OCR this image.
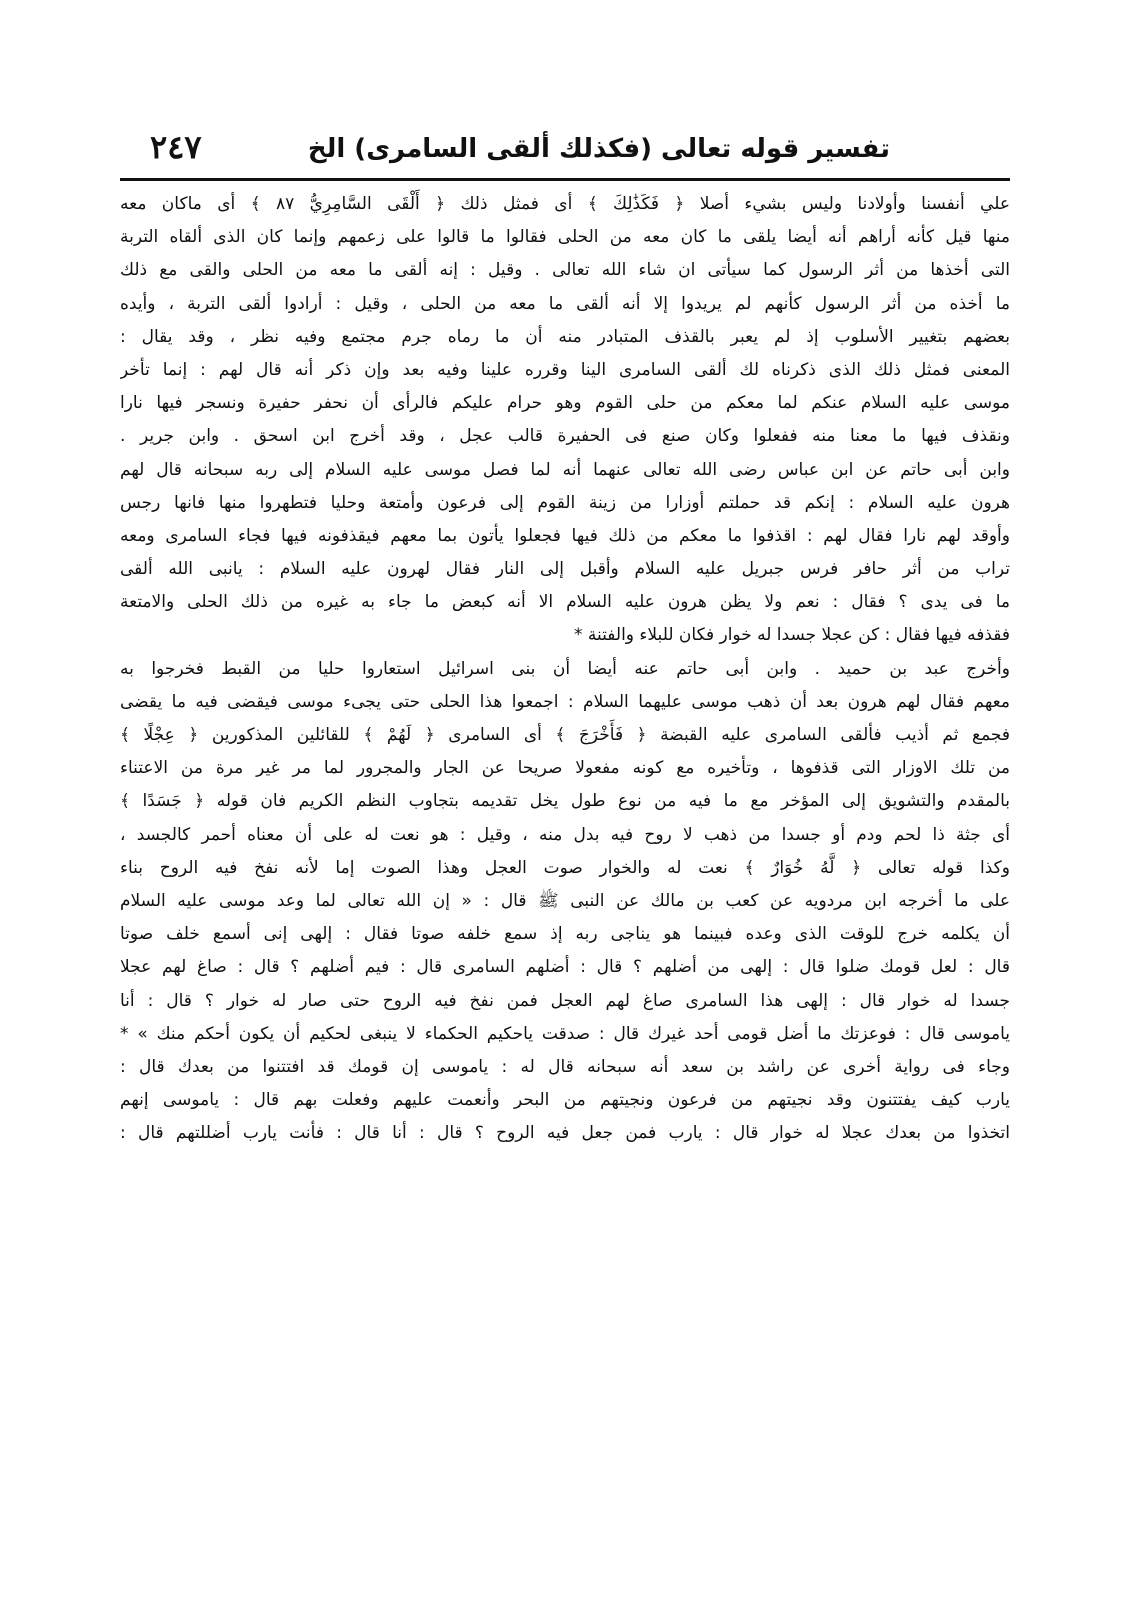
تفسير قوله تعالى (فكذلك ألقى السامرى) الخ
٢٤٧
علي أنفسنا وأولادنا وليس بشيء أصلا ﴿ فَكَذَٰلِكَ ﴾ أى فمثل ذلك ﴿ أَلْقَى السَّامِرِيُّ ٨٧ ﴾ أى ماكان معه
منها قيل كأنه أراهم أنه أيضا يلقى ما كان معه من الحلى فقالوا ما قالوا على زعمهم وإنما كان الذى ألقاه التربة
التى أخذها من أثر الرسول كما سيأتى ان شاء الله تعالى . وقيل : إنه ألقى ما معه من الحلى والقى مع ذلك
ما أخذه من أثر الرسول كأنهم لم يريدوا إلا أنه ألقى ما معه من الحلى ، وقيل : أرادوا ألقى التربة ، وأيده
بعضهم بتغيير الأسلوب إذ لم يعبر بالقذف المتبادر منه أن ما رماه جرم مجتمع وفيه نظر ، وقد يقال :
المعنى فمثل ذلك الذى ذكرناه لك ألقى السامرى الينا وقرره علينا وفيه بعد وإن ذكر أنه قال لهم : إنما تأخر
موسى عليه السلام عنكم لما معكم من حلى القوم وهو حرام عليكم فالرأى أن نحفر حفيرة ونسجر فيها نارا
ونقذف فيها ما معنا منه ففعلوا وكان صنع فى الحفيرة قالب عجل ، وقد أخرج ابن اسحق . وابن جرير .
وابن أبى حاتم عن ابن عباس رضى الله تعالى عنهما أنه لما فصل موسى عليه السلام إلى ربه سبحانه قال لهم
هرون عليه السلام : إنكم قد حملتم أوزارا من زينة القوم إلى فرعون وأمتعة وحليا فتطهروا منها فانها رجس
وأوقد لهم نارا فقال لهم : اقذفوا ما معكم من ذلك فيها فجعلوا يأتون بما معهم فيقذفونه فيها فجاء السامرى ومعه
تراب من أثر حافر فرس جبريل عليه السلام وأقبل إلى النار فقال لهرون عليه السلام : يانبى الله ألقى
ما فى يدى ؟ فقال : نعم ولا يظن هرون عليه السلام الا أنه كبعض ما جاء به غيره من ذلك الحلى والامتعة
فقذفه فيها فقال : كن عجلا جسدا له خوار فكان للبلاء والفتنة *
وأخرج عبد بن حميد . وابن أبى حاتم عنه أيضا أن بنى اسرائيل استعاروا حليا من القبط فخرجوا به
معهم فقال لهم هرون بعد أن ذهب موسى عليهما السلام : اجمعوا هذا الحلى حتى يجىء موسى فيقضى فيه ما يقضى
فجمع ثم أذيب فألقى السامرى عليه القبضة ﴿ فَأَخْرَجَ ﴾ أى السامرى ﴿ لَهُمْ ﴾ للقائلين المذكورين ﴿ عِجْلًا ﴾
من تلك الاوزار التى قذفوها ، وتأخيره مع كونه مفعولا صريحا عن الجار والمجرور لما مر غير مرة من الاعتناء
بالمقدم والتشويق إلى المؤخر مع ما فيه من نوع طول يخل تقديمه بتجاوب النظم الكريم فان قوله ﴿ جَسَدًا ﴾
أى جثة ذا لحم ودم أو جسدا من ذهب لا روح فيه بدل منه ، وقيل : هو نعت له على أن معناه أحمر كالجسد ،
وكذا قوله تعالى ﴿ لَّهُ خُوَارٌ ﴾ نعت له والخوار صوت العجل وهذا الصوت إما لأنه نفخ فيه الروح بناء
على ما أخرجه ابن مردويه عن كعب بن مالك عن النبى ﷺ قال : « إن الله تعالى لما وعد موسى عليه السلام
أن يكلمه خرج للوقت الذى وعده فبينما هو يناجى ربه إذ سمع خلفه صوتا فقال : إلهى إنى أسمع خلف صوتا
قال : لعل قومك ضلوا قال : إلهى من أضلهم ؟ قال : أضلهم السامرى قال : فيم أضلهم ؟ قال : صاغ لهم عجلا
جسدا له خوار قال : إلهى هذا السامرى صاغ لهم العجل فمن نفخ فيه الروح حتى صار له خوار ؟ قال : أنا
ياموسى قال : فوعزتك ما أضل قومى أحد غيرك قال : صدقت ياحكيم الحكماء لا ينبغى لحكيم أن يكون أحكم منك » *
وجاء فى رواية أخرى عن راشد بن سعد أنه سبحانه قال له : ياموسى إن قومك قد افتتنوا من بعدك قال :
يارب كيف يفتتنون وقد نجيتهم من فرعون ونجيتهم من البحر وأنعمت عليهم وفعلت بهم قال : ياموسى إنهم
اتخذوا من بعدك عجلا له خوار قال : يارب فمن جعل فيه الروح ؟ قال : أنا قال : فأنت يارب أضللتهم قال :
